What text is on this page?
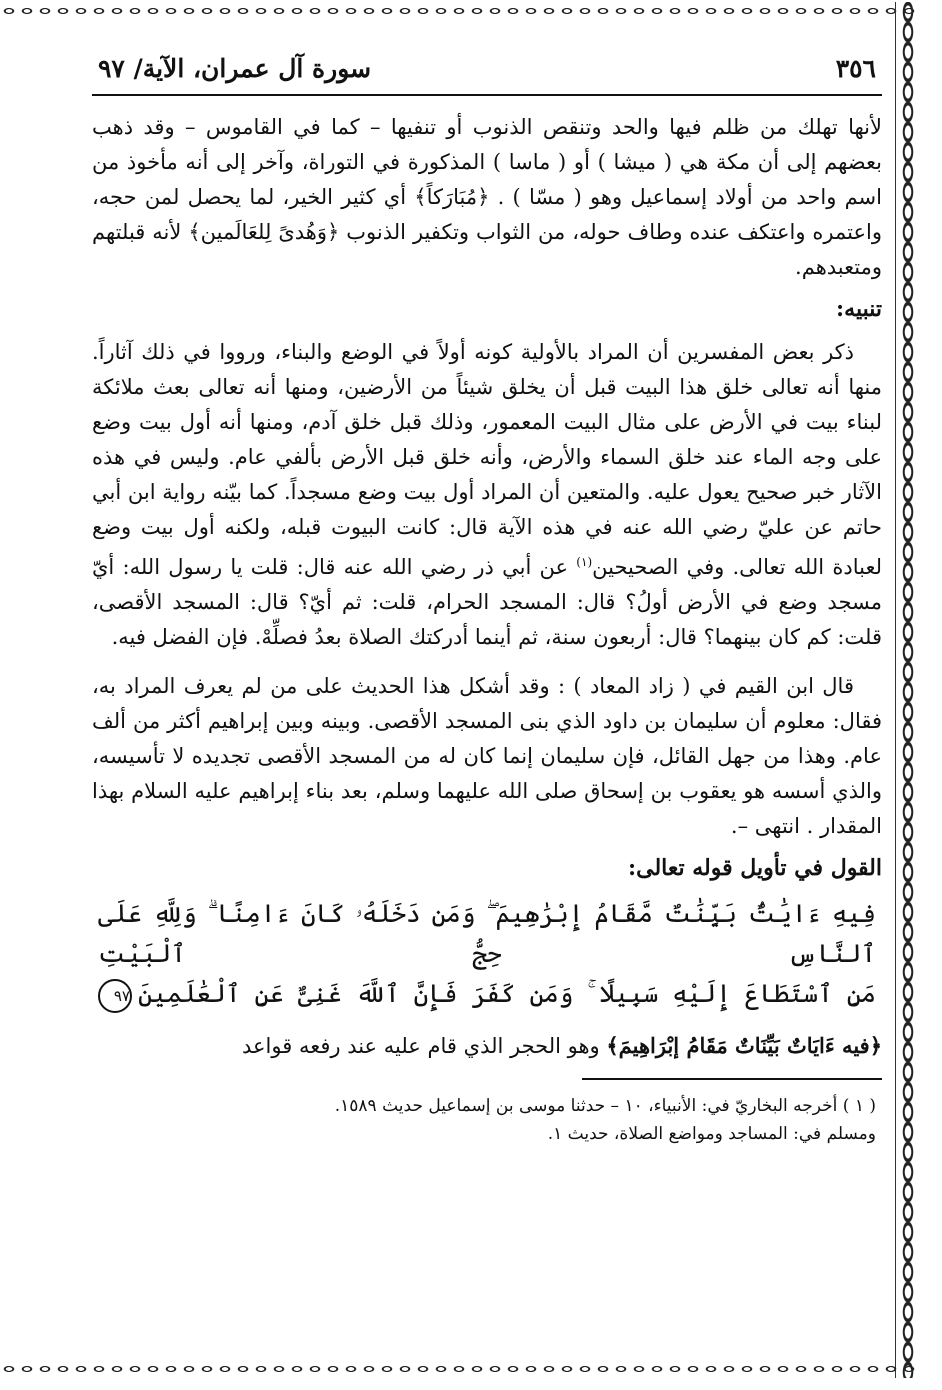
٣٥٦
سورة آل عمران، الآية/ ٩٧

لأنها تهلك من ظلم فيها والحد وتنقص الذنوب أو تنفيها – كما في القاموس – وقد ذهب بعضهم إلى أن مكة هي ( ميشا ) أو ( ماسا ) المذكورة في التوراة، وآخر إلى أنه مأخوذ من اسم واحد من أولاد إسماعيل وهو ( مسّا ) . ﴿مُبَارَكاً﴾ أي كثير الخير، لما يحصل لمن حجه، واعتمره واعتكف عنده وطاف حوله، من الثواب وتكفير الذنوب ﴿وَهُدىً لِلعَالَمين﴾ لأنه قبلتهم ومتعبدهم.

تنبيه:

ذكر بعض المفسرين أن المراد بالأولية كونه أولاً في الوضع والبناء، ورووا في ذلك آثاراً. منها أنه تعالى خلق هذا البيت قبل أن يخلق شيئاً من الأرضين، ومنها أنه تعالى بعث ملائكة لبناء بيت في الأرض على مثال البيت المعمور، وذلك قبل خلق آدم، ومنها أنه أول بيت وضع على وجه الماء عند خلق السماء والأرض، وأنه خلق قبل الأرض بألفي عام. وليس في هذه الآثار خبر صحيح يعول عليه. والمتعين أن المراد أول بيت وضع مسجداً. كما بيّنه رواية ابن أبي حاتم عن عليّ رضي الله عنه في هذه الآية قال: كانت البيوت قبله، ولكنه أول بيت وضع لعبادة الله تعالى. وفي الصحيحين$^{(١)}$ عن أبي ذر رضي الله عنه قال: قلت يا رسول الله: أيّ مسجد وضع في الأرض أولُ؟ قال: المسجد الحرام، قلت: ثم أيّ؟ قال: المسجد الأقصى، قلت: كم كان بينهما؟ قال: أربعون سنة، ثم أينما أدركتك الصلاة بعدُ فصلِّهْ. فإن الفضل فيه.

قال ابن القيم في ( زاد المعاد ) : وقد أشكل هذا الحديث على من لم يعرف المراد به، فقال: معلوم أن سليمان بن داود الذي بنى المسجد الأقصى. وبينه وبين إبراهيم أكثر من ألف عام. وهذا من جهل القائل، فإن سليمان إنما كان له من المسجد الأقصى تجديده لا تأسيسه، والذي أسسه هو يعقوب بن إسحاق صلى الله عليهما وسلم، بعد بناء إبراهيم عليه السلام بهذا المقدار . انتهى –.

القول في تأويل قوله تعالى:
فِيهِ ءَايَٰتٌۢ بَيِّنَٰتٌ مَّقَامُ إِبْرَٰهِيمَ ۖ وَمَن دَخَلَهُۥ كَانَ ءَامِنًا ۗ وَلِلَّهِ عَلَى ٱلنَّاسِ حِجُّ ٱلْبَيْتِ
مَنِ ٱسْتَطَاعَ إِلَيْهِ سَبِيلًا ۚ وَمَن كَفَرَ فَإِنَّ ٱللَّهَ غَنِىٌّ عَنِ ٱلْعَٰلَمِينَ٩٧

﴿فيه ءَايَاتٌ بَيِّنَاتٌ مَقَامُ إبْرَاهِيمَ﴾ وهو الحجر الذي قام عليه عند رفعه قواعد

( ١ ) أخرجه البخاريّ في: الأنبياء، ١٠ – حدثنا موسى بن إسماعيل حديث ١٥٨٩.
ومسلم في: المساجد ومواضع الصلاة، حديث ١.
